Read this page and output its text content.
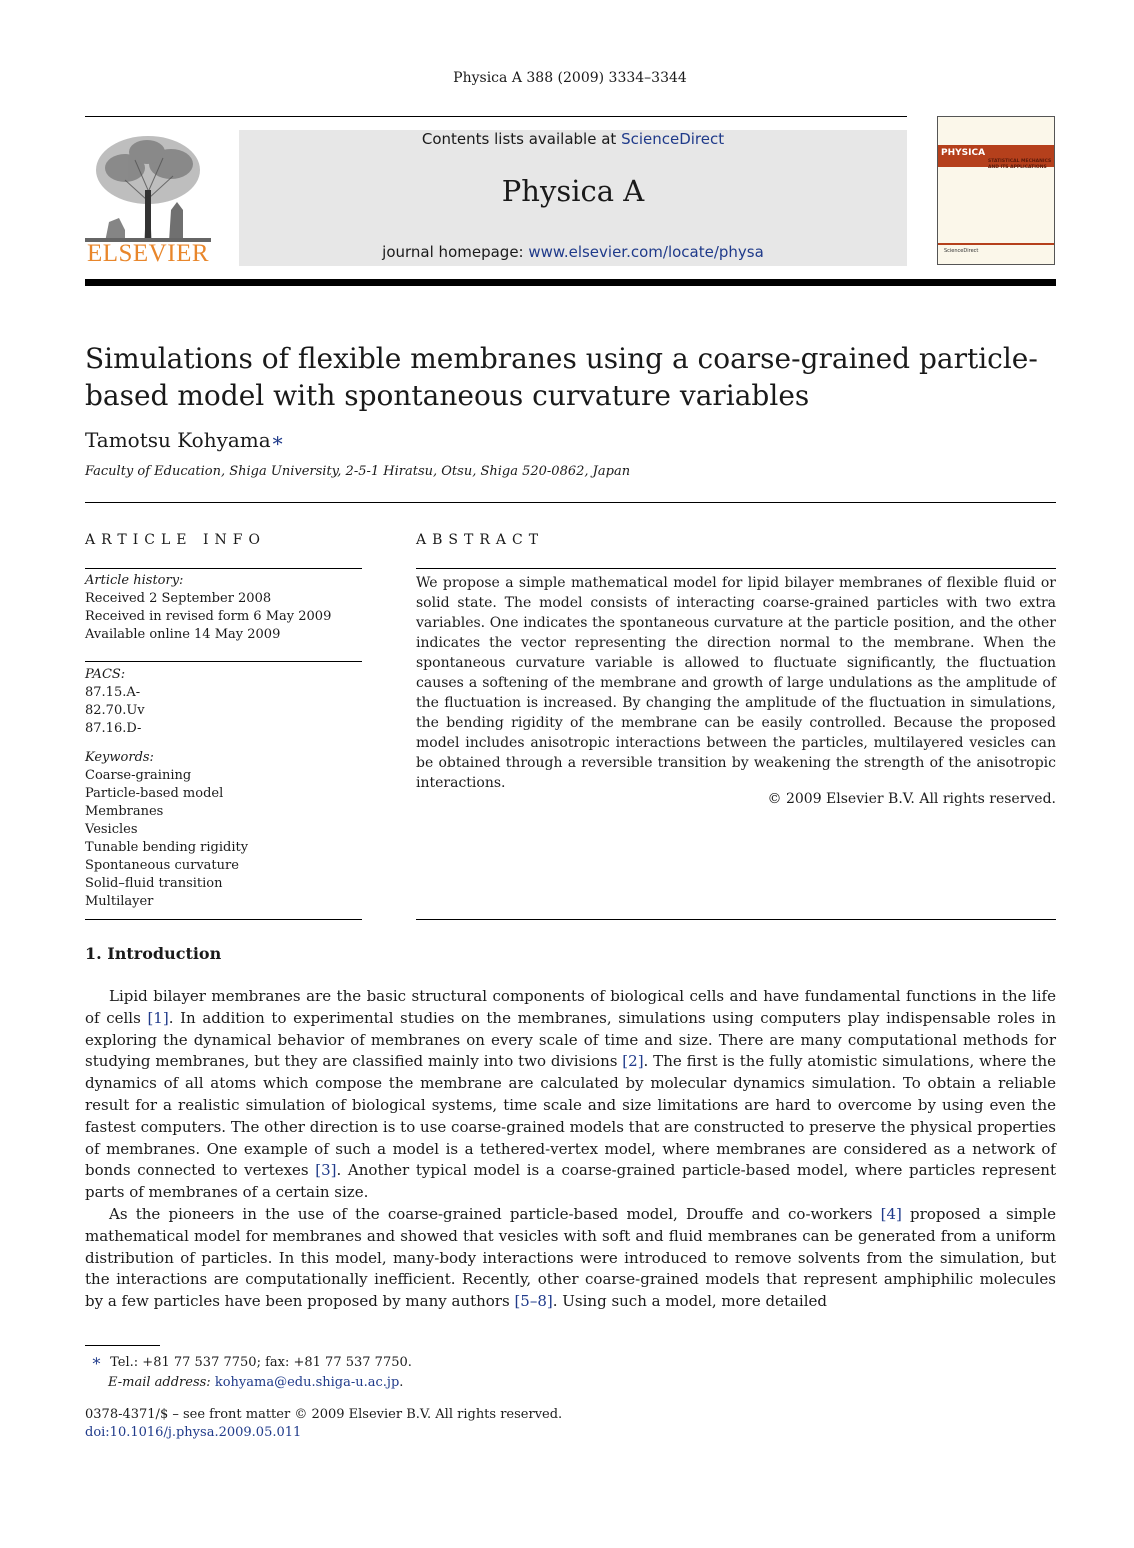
Physica A 388 (2009) 3334–3344
ELSEVIER
Contents lists available at ScienceDirect
Physica A
journal homepage: www.elsevier.com/locate/physa
PHYSICA
STATISTICAL MECHANICS AND ITS APPLICATIONS
ScienceDirect
Simulations of flexible membranes using a coarse-grained particle-based model with spontaneous curvature variables
Tamotsu Kohyama∗
Faculty of Education, Shiga University, 2-5-1 Hiratsu, Otsu, Shiga 520-0862, Japan
ARTICLE INFO
Article history:
Received 2 September 2008
Received in revised form 6 May 2009
Available online 14 May 2009
PACS:
87.15.A-
82.70.Uv
87.16.D-
Keywords:
Coarse-graining
Particle-based model
Membranes
Vesicles
Tunable bending rigidity
Spontaneous curvature
Solid–fluid transition
Multilayer
ABSTRACT
We propose a simple mathematical model for lipid bilayer membranes of flexible fluid or solid state. The model consists of interacting coarse-grained particles with two extra variables. One indicates the spontaneous curvature at the particle position, and the other indicates the vector representing the direction normal to the membrane. When the spontaneous curvature variable is allowed to fluctuate significantly, the fluctuation causes a softening of the membrane and growth of large undulations as the amplitude of the fluctuation is increased. By changing the amplitude of the fluctuation in simulations, the bending rigidity of the membrane can be easily controlled. Because the proposed model includes anisotropic interactions between the particles, multilayered vesicles can be obtained through a reversible transition by weakening the strength of the anisotropic interactions.
© 2009 Elsevier B.V. All rights reserved.
1. Introduction

Lipid bilayer membranes are the basic structural components of biological cells and have fundamental functions in the life of cells [1]. In addition to experimental studies on the membranes, simulations using computers play indispensable roles in exploring the dynamical behavior of membranes on every scale of time and size. There are many computational methods for studying membranes, but they are classified mainly into two divisions [2]. The first is the fully atomistic simulations, where the dynamics of all atoms which compose the membrane are calculated by molecular dynamics simulation. To obtain a reliable result for a realistic simulation of biological systems, time scale and size limitations are hard to overcome by using even the fastest computers. The other direction is to use coarse-grained models that are constructed to preserve the physical properties of membranes. One example of such a model is a tethered-vertex model, where membranes are considered as a network of bonds connected to vertexes [3]. Another typical model is a coarse-grained particle-based model, where particles represent parts of membranes of a certain size.

As the pioneers in the use of the coarse-grained particle-based model, Drouffe and co-workers [4] proposed a simple mathematical model for membranes and showed that vesicles with soft and fluid membranes can be generated from a uniform distribution of particles. In this model, many-body interactions were introduced to remove solvents from the simulation, but the interactions are computationally inefficient. Recently, other coarse-grained models that represent amphiphilic molecules by a few particles have been proposed by many authors [5–8]. Using such a model, more detailed

∗ Tel.: +81 77 537 7750; fax: +81 77 537 7750.
E-mail address: kohyama@edu.shiga-u.ac.jp.
0378-4371/$ – see front matter © 2009 Elsevier B.V. All rights reserved.
doi:10.1016/j.physa.2009.05.011
